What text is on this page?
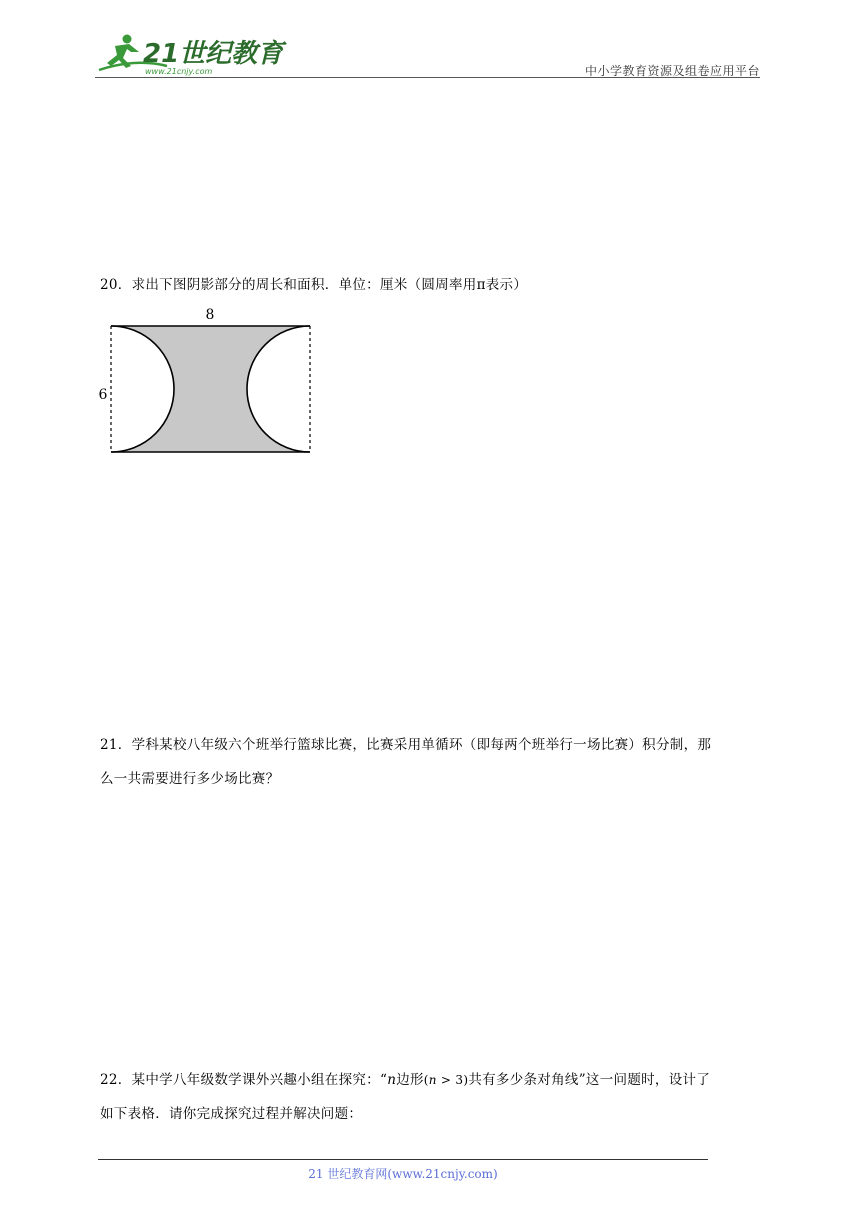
21世纪教育
www.21cnjy.com	中小学教育资源及组卷应用平台
20．求出下图阴影部分的周长和面积．单位：厘米（圆周率用π表示）
8
6
21．学科某校八年级六个班举行篮球比赛，比赛采用单循环（即每两个班举行一场比赛）积分制，那
么一共需要进行多少场比赛？
22．某中学八年级数学课外兴趣小组在探究：“n边形(n > 3)共有多少条对角线”这一问题时，设计了
如下表格．请你完成探究过程并解决问题：
21 世纪教育网(www.21cnjy.com)
